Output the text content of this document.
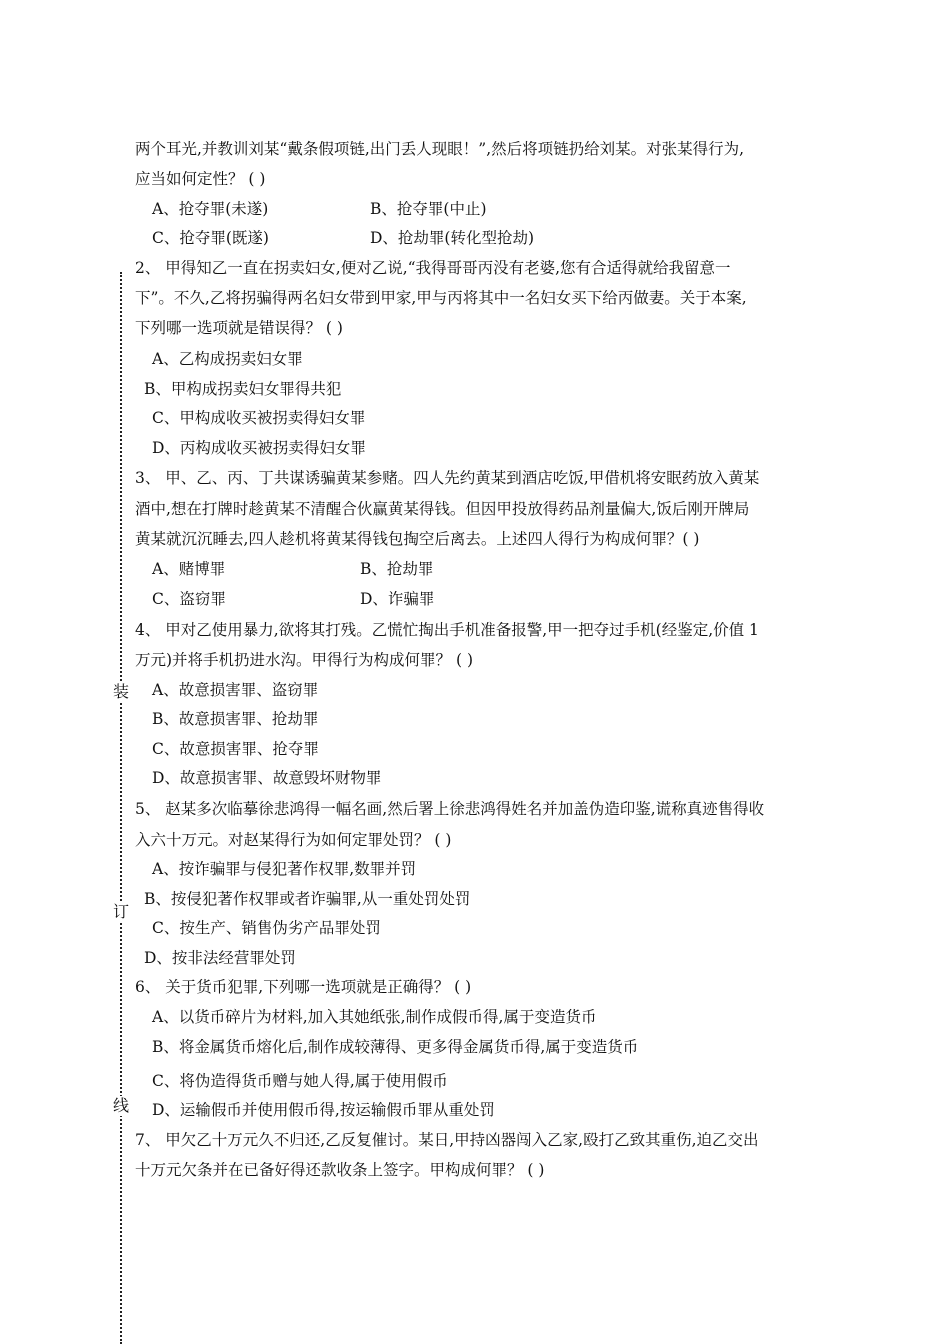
装
订
线
两个耳光,并教训刘某“戴条假项链,出门丢人现眼！”,然后将项链扔给刘某。对张某得行为,
应当如何定性？ ( )
A、抢夺罪(未遂)	B、抢夺罪(中止)
C、抢夺罪(既遂)	D、抢劫罪(转化型抢劫)
2、 甲得知乙一直在拐卖妇女,便对乙说,“我得哥哥丙没有老婆,您有合适得就给我留意一
下”。不久,乙将拐骗得两名妇女带到甲家,甲与丙将其中一名妇女买下给丙做妻。关于本案,
下列哪一选项就是错误得？ ( )
A、乙构成拐卖妇女罪
B、甲构成拐卖妇女罪得共犯
C、甲构成收买被拐卖得妇女罪
D、丙构成收买被拐卖得妇女罪
3、 甲、乙、丙、丁共谋诱骗黄某参赌。四人先约黄某到酒店吃饭,甲借机将安眠药放入黄某
酒中,想在打牌时趁黄某不清醒合伙赢黄某得钱。但因甲投放得药品剂量偏大,饭后刚开牌局
黄某就沉沉睡去,四人趁机将黄某得钱包掏空后离去。上述四人得行为构成何罪？( )
A、赌博罪	B、抢劫罪
C、盗窃罪	D、诈骗罪
4、 甲对乙使用暴力,欲将其打残。乙慌忙掏出手机准备报警,甲一把夺过手机(经鉴定,价值 1
万元)并将手机扔进水沟。甲得行为构成何罪？ ( )
A、故意损害罪、盗窃罪
B、故意损害罪、抢劫罪
C、故意损害罪、抢夺罪
D、故意损害罪、故意毁坏财物罪
5、 赵某多次临摹徐悲鸿得一幅名画,然后署上徐悲鸿得姓名并加盖伪造印鉴,谎称真迹售得收
入六十万元。对赵某得行为如何定罪处罚？ ( )
A、按诈骗罪与侵犯著作权罪,数罪并罚
B、按侵犯著作权罪或者诈骗罪,从一重处罚处罚
C、按生产、销售伪劣产品罪处罚
D、按非法经营罪处罚
6、 关于货币犯罪,下列哪一选项就是正确得？ ( )
A、以货币碎片为材料,加入其她纸张,制作成假币得,属于变造货币
B、将金属货币熔化后,制作成较薄得、更多得金属货币得,属于变造货币
C、将伪造得货币赠与她人得,属于使用假币
D、运输假币并使用假币得,按运输假币罪从重处罚
7、 甲欠乙十万元久不归还,乙反复催讨。某日,甲持凶器闯入乙家,殴打乙致其重伤,迫乙交出
十万元欠条并在已备好得还款收条上签字。甲构成何罪？ ( )
